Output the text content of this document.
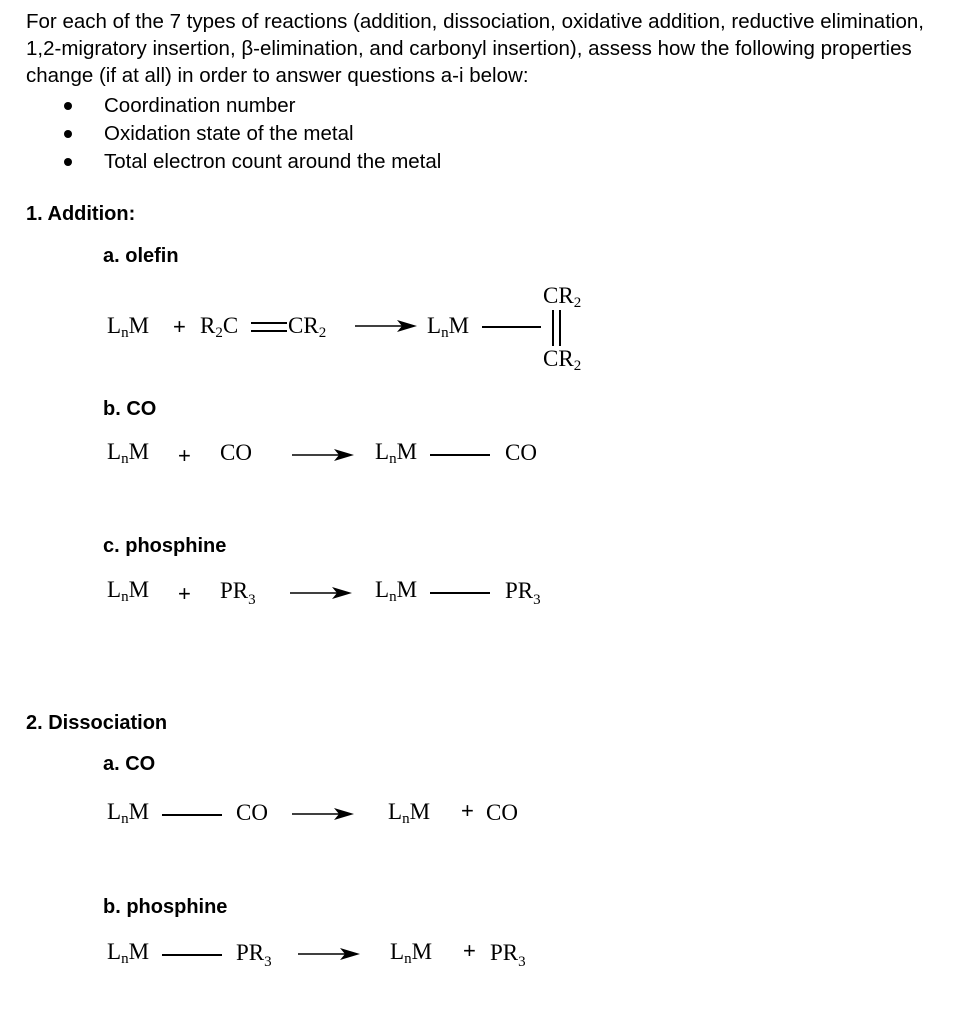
For each of the 7 types of reactions (addition, dissociation, oxidative addition, reductive elimination, 1,2-migratory insertion, β-elimination, and carbonyl insertion), assess how the following properties change (if at all) in order to answer questions a-i below:

Coordination number
Oxidation state of the metal
Total electron count around the metal
1. Addition:
a. olefin
LnM + R2C CR2 → LnM
CR2
CR2
b. CO
LnM + CO	→ LnM	CO
c. phosphine
LnM + $PR_3$ → LnM	$PR_3$
2. Dissociation
a. CO
LnM	CO	LnM + CO
b. phosphine
LnM	$PR_3$	LnM + $PR_3$
